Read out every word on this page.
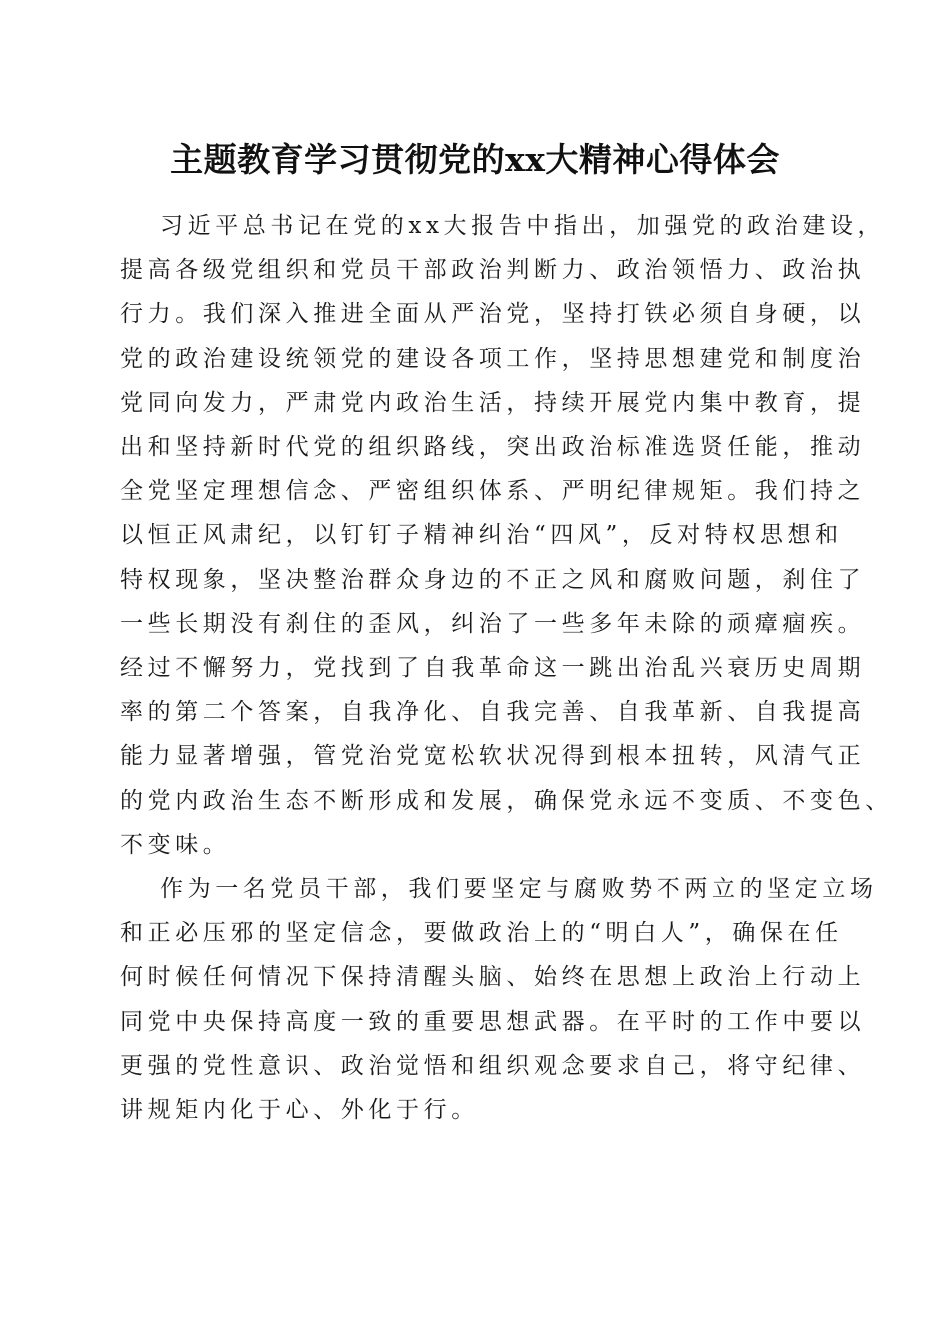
主题教育学习贯彻党的xx大精神心得体会
习近平总书记在党的xx大报告中指出，加强党的政治建设，
提高各级党组织和党员干部政治判断力、政治领悟力、政治执
行力。我们深入推进全面从严治党，坚持打铁必须自身硬，以
党的政治建设统领党的建设各项工作，坚持思想建党和制度治
党同向发力，严肃党内政治生活，持续开展党内集中教育，提
出和坚持新时代党的组织路线，突出政治标准选贤任能，推动
全党坚定理想信念、严密组织体系、严明纪律规矩。我们持之
以恒正风肃纪，以钉钉子精神纠治“四风”，反对特权思想和
特权现象，坚决整治群众身边的不正之风和腐败问题，刹住了
一些长期没有刹住的歪风，纠治了一些多年未除的顽瘴痼疾。
经过不懈努力，党找到了自我革命这一跳出治乱兴衰历史周期
率的第二个答案，自我净化、自我完善、自我革新、自我提高
能力显著增强，管党治党宽松软状况得到根本扭转，风清气正
的党内政治生态不断形成和发展，确保党永远不变质、不变色、
不变味。
作为一名党员干部，我们要坚定与腐败势不两立的坚定立场
和正必压邪的坚定信念，要做政治上的“明白人”，确保在任
何时候任何情况下保持清醒头脑、始终在思想上政治上行动上
同党中央保持高度一致的重要思想武器。在平时的工作中要以
更强的党性意识、政治觉悟和组织观念要求自己，将守纪律、
讲规矩内化于心、外化于行。
